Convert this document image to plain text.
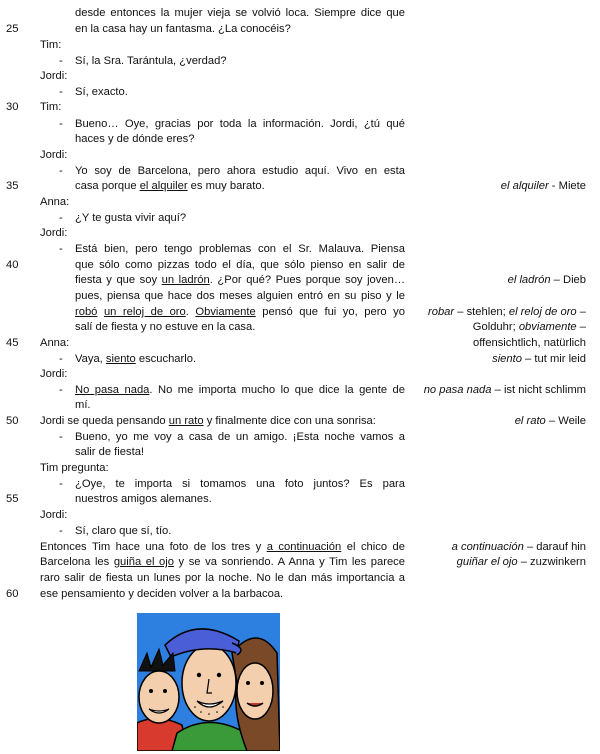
25
30
35
40
45
50
55
60
desde entonces la mujer vieja se volvió loca. Siempre dice que
en la casa hay un fantasma. ¿La conocéis?
Tim:
- Sí, la Sra. Tarántula, ¿verdad?
Jordi:
- Sí, exacto.
Tim:
- Bueno… Oye, gracias por toda la información. Jordi, ¿tú qué
haces y de dónde eres?
Jordi:
- Yo soy de Barcelona, pero ahora estudio aquí. Vivo en esta
casa porque el alquiler es muy barato.
Anna:
- ¿Y te gusta vivir aquí?
Jordi:
- Está bien, pero tengo problemas con el Sr. Malauva. Piensa
que sólo como pizzas todo el día, que sólo pienso en salir de
fiesta y que soy un ladrón. ¿Por qué? Pues porque soy joven…
pues, piensa que hace dos meses alguien entró en su piso y le
robó un reloj de oro. Obviamente pensó que fui yo, pero yo
salí de fiesta y no estuve en la casa.
Anna:
- Vaya, siento escucharlo.
Jordi:
- No pasa nada. No me importa mucho lo que dice la gente de
mí.
Jordi se queda pensando un rato y finalmente dice con una sonrisa:
- Bueno, yo me voy a casa de un amigo. ¡Esta noche vamos a
salir de fiesta!
Tim pregunta:
- ¿Oye, te importa si tomamos una foto juntos? Es para
nuestros amigos alemanes.
Jordi:
- Sí, claro que sí, tío.
Entonces Tim hace una foto de los tres y a continuación el chico de
Barcelona les guiña el ojo y se va sonriendo. A Anna y Tim les parece
raro salir de fiesta un lunes por la noche. No le dan más importancia a
ese pensamiento y deciden volver a la barbacoa.
el alquiler - Miete
el ladrón – Dieb
robar – stehlen; el reloj de oro –
Golduhr; obviamente –
offensichtlich, natürlich
siento – tut mir leid
no pasa nada – ist nicht schlimm
el rato – Weile
a continuación – darauf hin
guiñar el ojo – zuzwinkern
